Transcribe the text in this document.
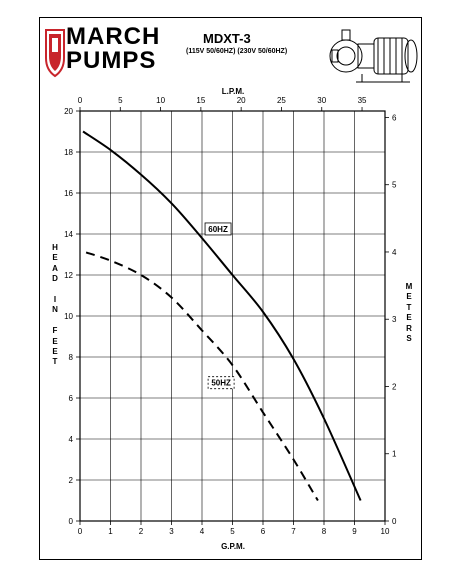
MARCH
PUMPS
MDXT-3
(115V 50/60HZ) (230V 50/60HZ)
L.P.M.
G.P.M.
0	1	2	3	4	5	6	7	8	9	10
0
2
4
6
8
10
12
14
16
18
20
0	5	10	15	20	25	30	35
0
1
2
3
4
5
6
60HZ
50HZ
H
E
A
D

I
N

F
E
E
T
M
E
T
E
R
S
